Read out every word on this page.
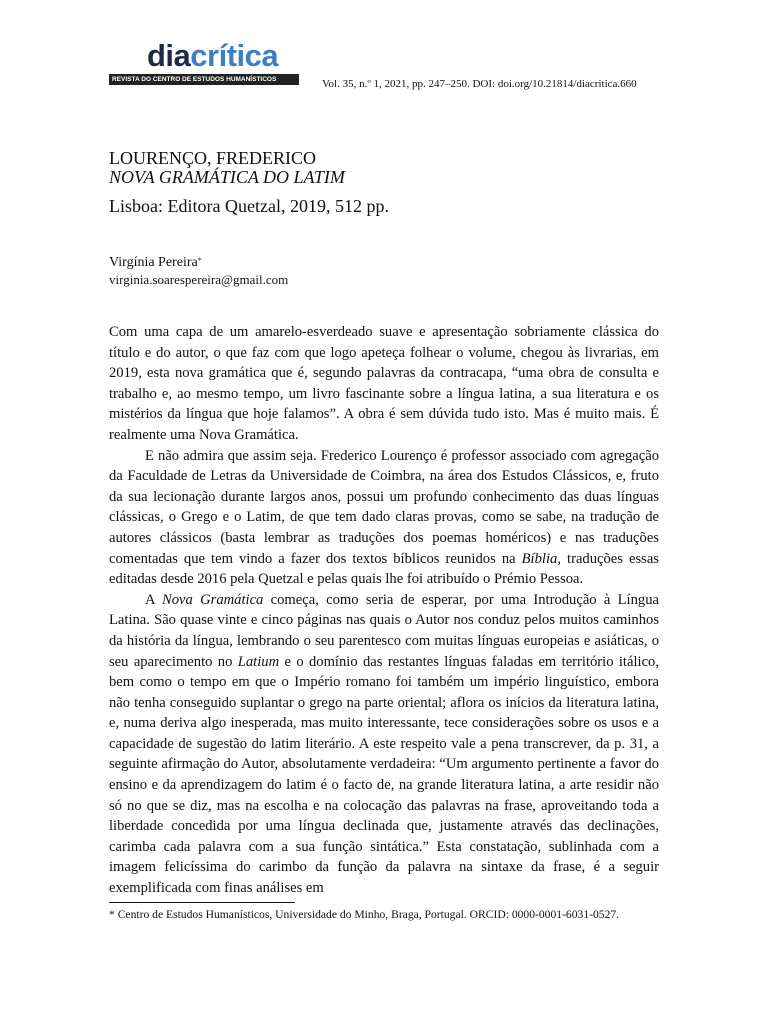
diacrítica
REVISTA DO CENTRO DE ESTUDOS HUMANÍSTICOS	Vol. 35, n.º 1, 2021, pp. 247–250. DOI: doi.org/10.21814/diacritica.660
LOURENÇO, FREDERICO
NOVA GRAMÁTICA DO LATIM
Lisboa: Editora Quetzal, 2019, 512 pp.
Virgínia Pereira*
virginia.soarespereira@gmail.com

Com uma capa de um amarelo-esverdeado suave e apresentação sobriamente clássica do título e do autor, o que faz com que logo apeteça folhear o volume, chegou às livrarias, em 2019, esta nova gramática que é, segundo palavras da contracapa, “uma obra de consulta e trabalho e, ao mesmo tempo, um livro fascinante sobre a língua latina, a sua literatura e os mistérios da língua que hoje falamos”. A obra é sem dúvida tudo isto. Mas é muito mais. É realmente uma Nova Gramática.

E não admira que assim seja. Frederico Lourenço é professor associado com agregação da Faculdade de Letras da Universidade de Coimbra, na área dos Estudos Clássicos, e, fruto da sua lecionação durante largos anos, possui um profundo conhecimento das duas línguas clássicas, o Grego e o Latim, de que tem dado claras provas, como se sabe, na tradução de autores clássicos (basta lembrar as traduções dos poemas homéricos) e nas traduções comentadas que tem vindo a fazer dos textos bíblicos reunidos na Bíblia, traduções essas editadas desde 2016 pela Quetzal e pelas quais lhe foi atribuído o Prémio Pessoa.

A Nova Gramática começa, como seria de esperar, por uma Introdução à Língua Latina. São quase vinte e cinco páginas nas quais o Autor nos conduz pelos muitos caminhos da história da língua, lembrando o seu parentesco com muitas línguas europeias e asiáticas, o seu aparecimento no Latium e o domínio das restantes línguas faladas em território itálico, bem como o tempo em que o Império romano foi também um império linguístico, embora não tenha conseguido suplantar o grego na parte oriental; aflora os inícios da literatura latina, e, numa deriva algo inesperada, mas muito interessante, tece considerações sobre os usos e a capacidade de sugestão do latim literário. A este respeito vale a pena transcrever, da p. 31, a seguinte afirmação do Autor, absolutamente verdadeira: “Um argumento pertinente a favor do ensino e da aprendizagem do latim é o facto de, na grande literatura latina, a arte residir não só no que se diz, mas na escolha e na colocação das palavras na frase, aproveitando toda a liberdade concedida por uma língua declinada que, justamente através das declinações, carimba cada palavra com a sua função sintática.” Esta constatação, sublinhada com a imagem felicíssima do carimbo da função da palavra na sintaxe da frase, é a seguir exemplificada com finas análises em

* Centro de Estudos Humanísticos, Universidade do Minho, Braga, Portugal. ORCID: 0000-0001-6031-0527.
